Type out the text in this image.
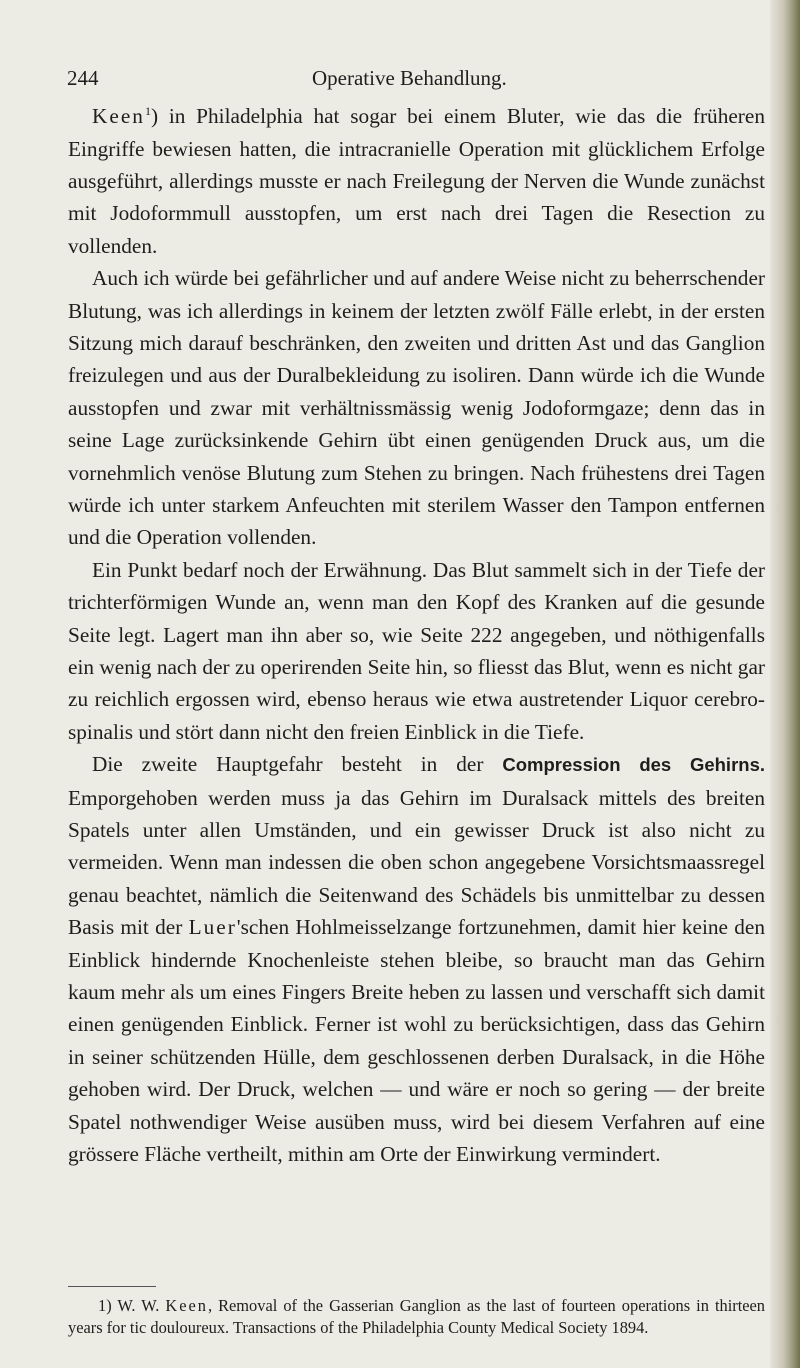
244	Operative Behandlung.

Keen$^1$) in Philadelphia hat sogar bei einem Bluter, wie das die früheren Eingriffe bewiesen hatten, die intracranielle Operation mit glücklichem Erfolge ausgeführt, allerdings musste er nach Freilegung der Nerven die Wunde zunächst mit Jodoformmull ausstopfen, um erst nach drei Tagen die Resection zu vollenden.

Auch ich würde bei gefährlicher und auf andere Weise nicht zu beherrschender Blutung, was ich allerdings in keinem der letzten zwölf Fälle erlebt, in der ersten Sitzung mich darauf beschränken, den zweiten und dritten Ast und das Ganglion freizulegen und aus der Duralbekleidung zu isoliren. Dann würde ich die Wunde ausstopfen und zwar mit verhältnissmässig wenig Jodoformgaze; denn das in seine Lage zurücksinkende Gehirn übt einen genügenden Druck aus, um die vornehmlich venöse Blutung zum Stehen zu bringen. Nach frühestens drei Tagen würde ich unter starkem Anfeuchten mit sterilem Wasser den Tampon entfernen und die Operation vollenden.

Ein Punkt bedarf noch der Erwähnung. Das Blut sammelt sich in der Tiefe der trichterförmigen Wunde an, wenn man den Kopf des Kranken auf die gesunde Seite legt. Lagert man ihn aber so, wie Seite 222 angegeben, und nöthigenfalls ein wenig nach der zu operirenden Seite hin, so fliesst das Blut, wenn es nicht gar zu reichlich ergossen wird, ebenso heraus wie etwa austretender Liquor cerebro-spinalis und stört dann nicht den freien Einblick in die Tiefe.

Die zweite Hauptgefahr besteht in der Compression des Gehirns. Emporgehoben werden muss ja das Gehirn im Duralsack mittels des breiten Spatels unter allen Umständen, und ein gewisser Druck ist also nicht zu vermeiden. Wenn man indessen die oben schon angegebene Vorsichtsmaassregel genau beachtet, nämlich die Seitenwand des Schädels bis unmittelbar zu dessen Basis mit der Luer'schen Hohlmeisselzange fortzunehmen, damit hier keine den Einblick hindernde Knochenleiste stehen bleibe, so braucht man das Gehirn kaum mehr als um eines Fingers Breite heben zu lassen und verschafft sich damit einen genügenden Einblick. Ferner ist wohl zu berücksichtigen, dass das Gehirn in seiner schützenden Hülle, dem geschlossenen derben Duralsack, in die Höhe gehoben wird. Der Druck, welchen — und wäre er noch so gering — der breite Spatel nothwendiger Weise ausüben muss, wird bei diesem Verfahren auf eine grössere Fläche vertheilt, mithin am Orte der Einwirkung vermindert.

1) W. W. Keen, Removal of the Gasserian Ganglion as the last of fourteen operations in thirteen years for tic douloureux. Transactions of the Philadelphia County Medical Society 1894.
